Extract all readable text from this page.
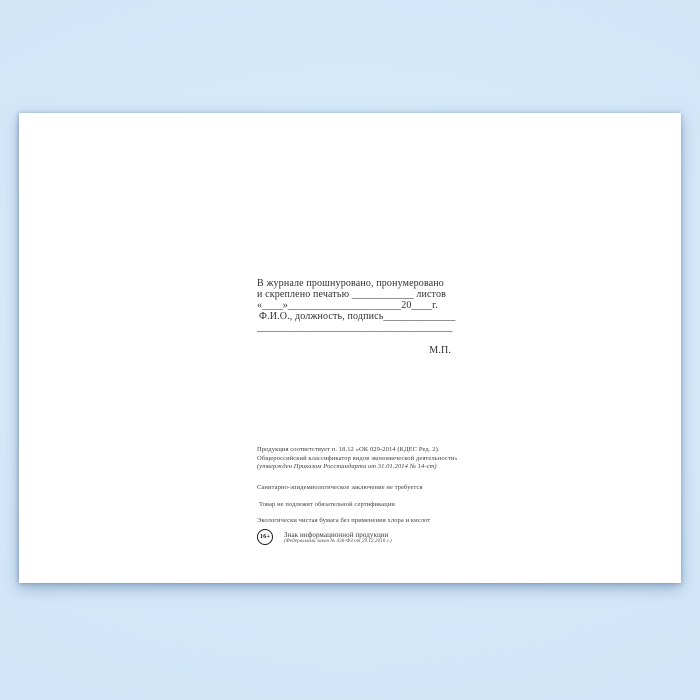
В журнале прошнуровано, пронумеровано
и скреплено печатью ____________ листов
«____»______________________20____г.
Ф.И.О., должность, подпись______________
______________________________________
М.П.
Продукция соответствует п. 18.12 «ОК 029-2014 (КДЕС Ред. 2).
Общероссийский классификатор видов экономической деятельности»
(утвержден Приказом Росстандарта от 31.01.2014 № 14-ст)
Санитарно-эпидемиологическое заключение не требуется
Товар не подлежит обязательной сертификации
Экологически чистая бумага без применения хлора и кислот
16+	Знак информационной продукции
(Федеральный закон № 436-ФЗ от 29.12.2010 г.)
